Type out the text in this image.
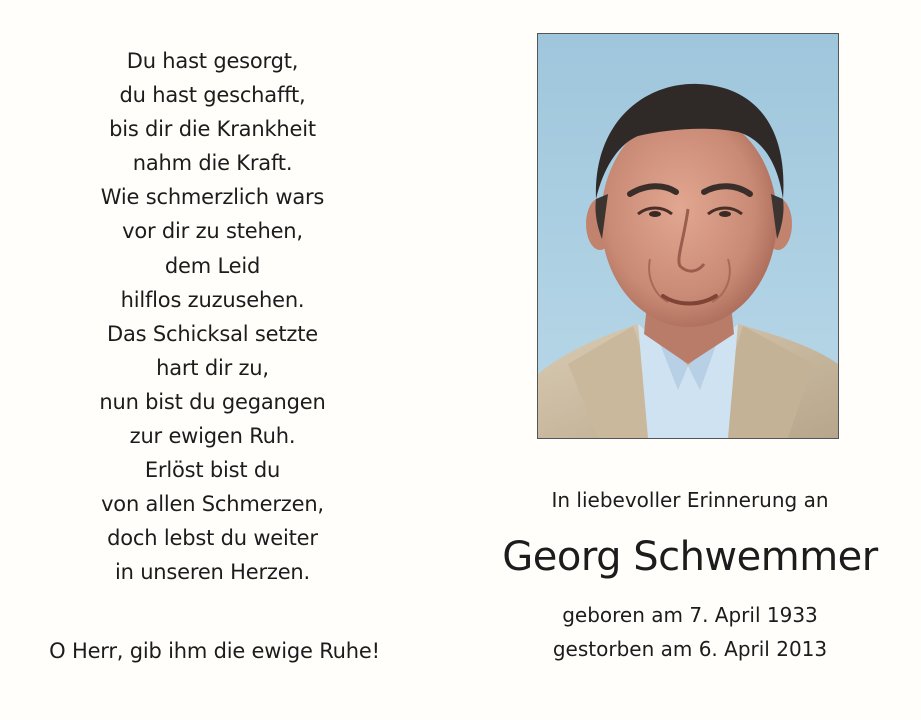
Du hast gesorgt,
du hast geschafft,
bis dir die Krankheit
nahm die Kraft.
Wie schmerzlich wars
vor dir zu stehen,
dem Leid
hilflos zuzusehen.
Das Schicksal setzte
hart dir zu,
nun bist du gegangen
zur ewigen Ruh.
Erlöst bist du
von allen Schmerzen,
doch lebst du weiter
in unseren Herzen.
O Herr, gib ihm die ewige Ruhe!
In liebevoller Erinnerung an
Georg Schwemmer
geboren am 7. April 1933
gestorben am 6. April 2013
